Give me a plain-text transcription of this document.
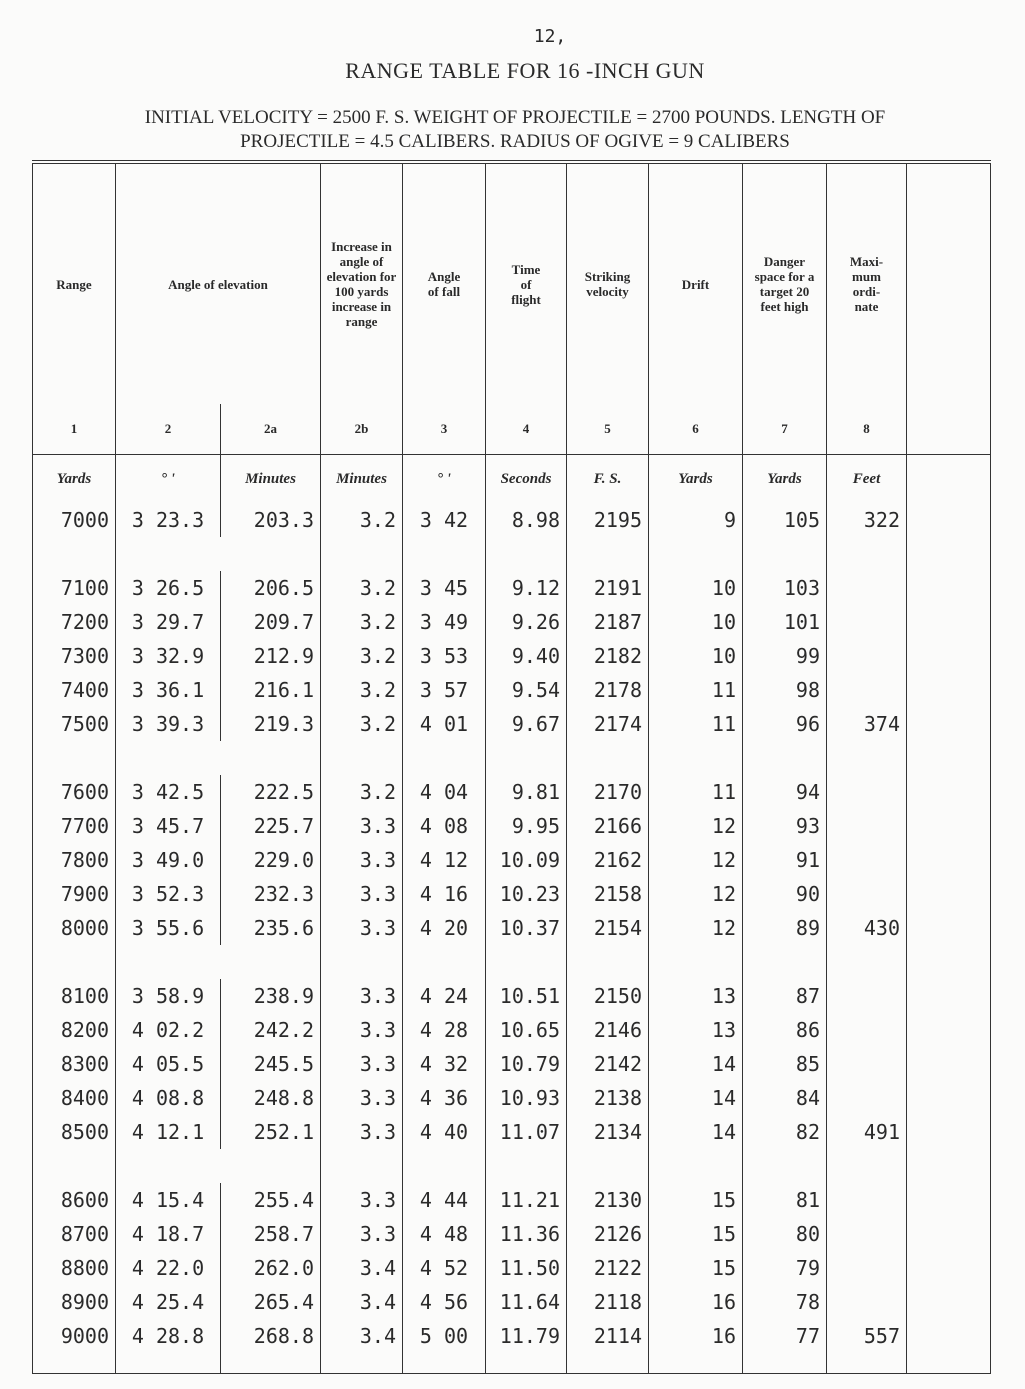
12,
RANGE TABLE FOR 16 -INCH GUN
INITIAL VELOCITY = 2500 F. S. WEIGHT OF PROJECTILE = 2700 POUNDS. LENGTH OF
PROJECTILE = 4.5 CALIBERS. RADIUS OF OGIVE = 9 CALIBERS
Range	Angle of elevation		Increase in angle of elevation for 100 yards increase in range	Angle of fall	Time of flight	Striking velocity	Drift	Danger space for a target 20 feet high	Maxi-mum ordi-nate	

1	2	2a	2b	3	4	5	6	7	8	
Yards	° '	Minutes	Minutes	° '	Seconds	F. S.	Yards	Yards	Feet	
7000	3 23.3	203.3	3.2	3 42	8.98	2195	9	105	322	

7100	3 26.5	206.5	3.2	3 45	9.12	2191	10	103		
7200	3 29.7	209.7	3.2	3 49	9.26	2187	10	101		
7300	3 32.9	212.9	3.2	3 53	9.40	2182	10	99		
7400	3 36.1	216.1	3.2	3 57	9.54	2178	11	98		
7500	3 39.3	219.3	3.2	4 01	9.67	2174	11	96	374	

7600	3 42.5	222.5	3.2	4 04	9.81	2170	11	94		
7700	3 45.7	225.7	3.3	4 08	9.95	2166	12	93		
7800	3 49.0	229.0	3.3	4 12	10.09	2162	12	91		
7900	3 52.3	232.3	3.3	4 16	10.23	2158	12	90		
8000	3 55.6	235.6	3.3	4 20	10.37	2154	12	89	430	

8100	3 58.9	238.9	3.3	4 24	10.51	2150	13	87		
8200	4 02.2	242.2	3.3	4 28	10.65	2146	13	86		
8300	4 05.5	245.5	3.3	4 32	10.79	2142	14	85		
8400	4 08.8	248.8	3.3	4 36	10.93	2138	14	84		
8500	4 12.1	252.1	3.3	4 40	11.07	2134	14	82	491	

8600	4 15.4	255.4	3.3	4 44	11.21	2130	15	81		
8700	4 18.7	258.7	3.3	4 48	11.36	2126	15	80		
8800	4 22.0	262.0	3.4	4 52	11.50	2122	15	79		
8900	4 25.4	265.4	3.4	4 56	11.64	2118	16	78		
9000	4 28.8	268.8	3.4	5 00	11.79	2114	16	77	557	
